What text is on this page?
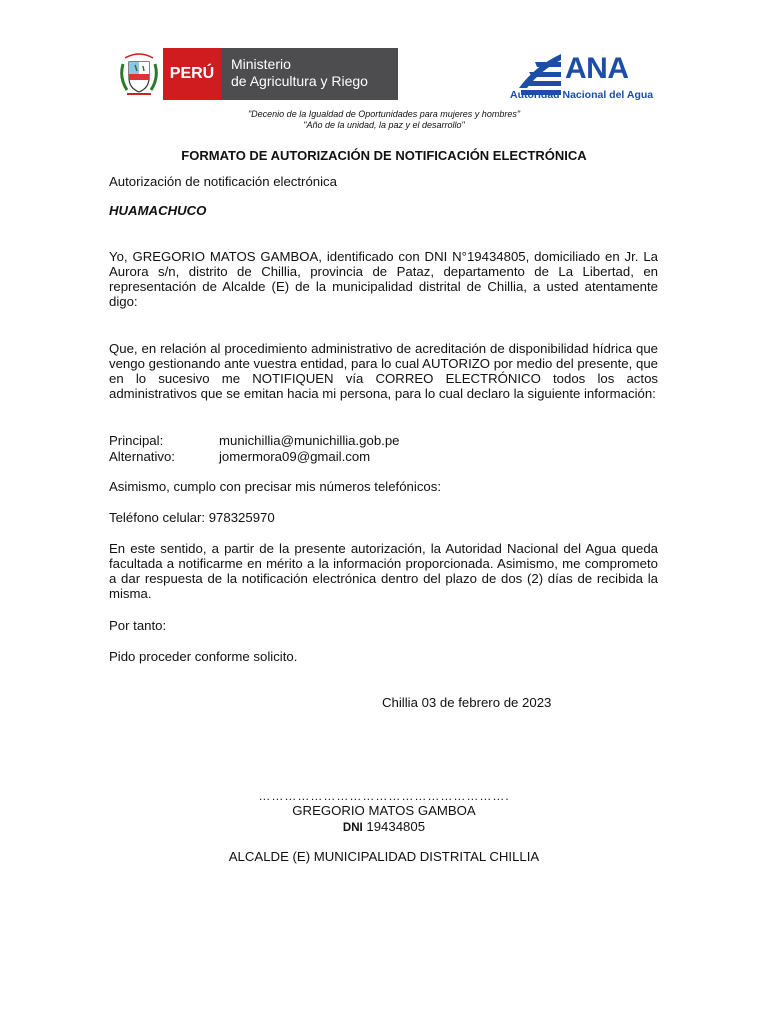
PERÚ
Ministerio
de Agricultura y Riego	ANA
Autoridad Nacional del Agua
"Decenio de la Igualdad de Oportunidades para mujeres y hombres"
"Año de la unidad, la paz y el desarrollo"
FORMATO DE AUTORIZACIÓN DE NOTIFICACIÓN ELECTRÓNICA
Autorización de notificación electrónica
HUAMACHUCO
Yo, GREGORIO MATOS GAMBOA, identificado con DNI N°19434805, domiciliado en Jr. La Aurora s/n, distrito de Chillia, provincia de Pataz, departamento de La Libertad, en representación de Alcalde (E) de la municipalidad distrital de Chillia, a usted atentamente digo:
Que, en relación al procedimiento administrativo de acreditación de disponibilidad hídrica que vengo gestionando ante vuestra entidad, para lo cual AUTORIZO por medio del presente, que en lo sucesivo me NOTIFIQUEN vía CORREO ELECTRÓNICO todos los actos administrativos que se emitan hacia mi persona, para lo cual declaro la siguiente información:
Principal:	munichillia@munichillia.gob.pe
Alternativo:	jomermora09@gmail.com
Asimismo, cumplo con precisar mis números telefónicos:
Teléfono celular: 978325970
En este sentido, a partir de la presente autorización, la Autoridad Nacional del Agua queda facultada a notificarme en mérito a la información proporcionada. Asimismo, me comprometo a dar respuesta de la notificación electrónica dentro del plazo de dos (2) días de recibida la misma.
Por tanto:
Pido proceder conforme solicito.
Chillia 03 de febrero de 2023
………………………………………………….
GREGORIO MATOS GAMBOA
DNI 19434805
ALCALDE (E) MUNICIPALIDAD DISTRITAL CHILLIA
